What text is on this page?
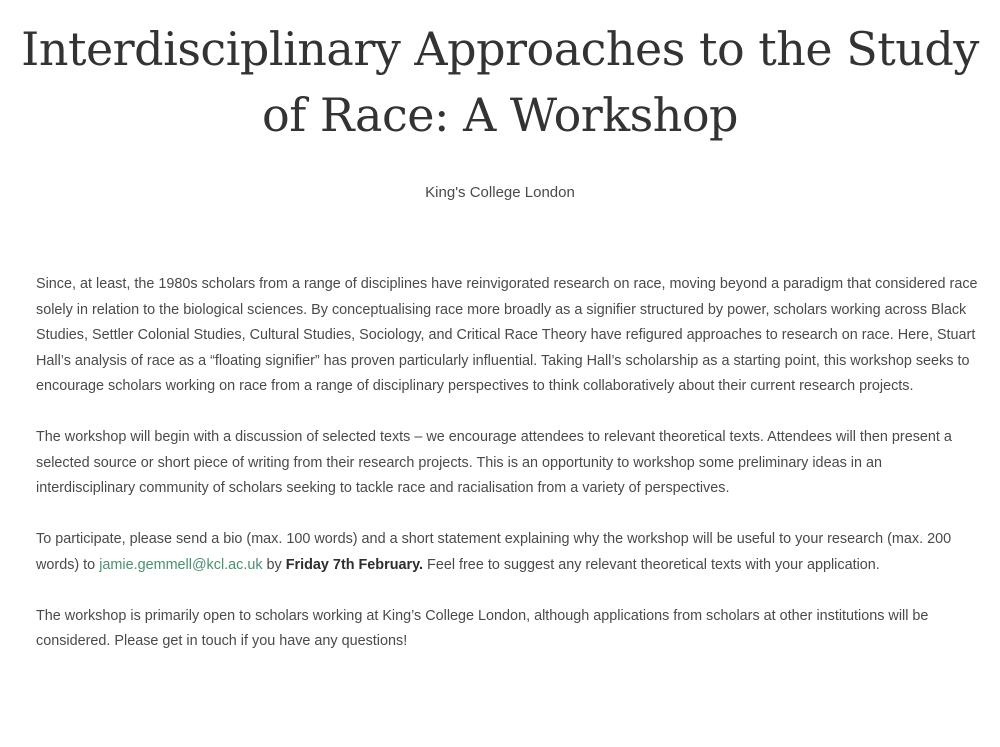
Interdisciplinary Approaches to the Study
of Race: A Workshop

King's College London

Since, at least, the 1980s scholars from a range of disciplines have reinvigorated research on race, moving beyond a paradigm that considered race solely in relation to the biological sciences. By conceptualising race more broadly as a signifier structured by power, scholars working across Black Studies, Settler Colonial Studies, Cultural Studies, Sociology, and Critical Race Theory have refigured approaches to research on race. Here, Stuart Hall’s analysis of race as a “floating signifier” has proven particularly influential. Taking Hall’s scholarship as a starting point, this workshop seeks to encourage scholars working on race from a range of disciplinary perspectives to think collaboratively about their current research projects.

The workshop will begin with a discussion of selected texts – we encourage attendees to relevant theoretical texts. Attendees will then present a selected source or short piece of writing from their research projects. This is an opportunity to workshop some preliminary ideas in an interdisciplinary community of scholars seeking to tackle race and racialisation from a variety of perspectives.

To participate, please send a bio (max. 100 words) and a short statement explaining why the workshop will be useful to your research (max. 200 words) to jamie.gemmell@kcl.ac.uk by Friday 7th February. Feel free to suggest any relevant theoretical texts with your application.

The workshop is primarily open to scholars working at King’s College London, although applications from scholars at other institutions will be considered. Please get in touch if you have any questions!
